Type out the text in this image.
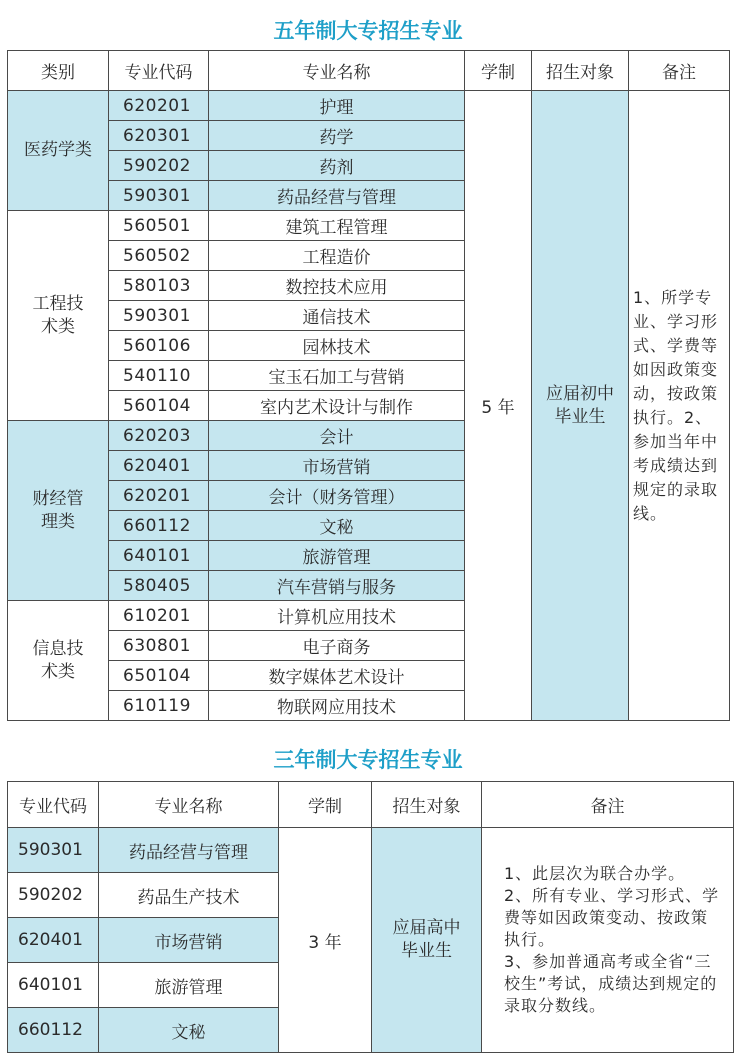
五年制大专招生专业
类别	专业代码	专业名称	学制	招生对象	备注
医药学类	620201	护理	5 年	应届初中毕业生	1、所学专业、学习形式、学费等如因政策变动，按政策执行。2、参加当年中考成绩达到规定的录取线。
	620301	药学			
	590202	药剂			
	590301	药品经营与管理			
工程技术类	560501	建筑工程管理			
	560502	工程造价			
	580103	数控技术应用			
	590301	通信技术			
	560106	园林技术			
	540110	宝玉石加工与营销			
	560104	室内艺术设计与制作			
财经管理类	620203	会计			
	620401	市场营销			
	620201	会计（财务管理）			
	660112	文秘			
	640101	旅游管理			
	580405	汽车营销与服务			
信息技术类	610201	计算机应用技术			
	630801	电子商务			
	650104	数字媒体艺术设计			
	610119	物联网应用技术			
三年制大专招生专业
专业代码	专业名称	学制	招生对象	备注
590301	药品经营与管理	3 年	应届高中毕业生	1、此层次为联合办学。

2、所有专业、学习形式、学费等如因政策变动、按政策执行。

3、参加普通高考或全省“三校生”考试，成绩达到规定的录取分数线。

590202	药品生产技术			
620401	市场营销			
640101	旅游管理			
660112	文秘			
